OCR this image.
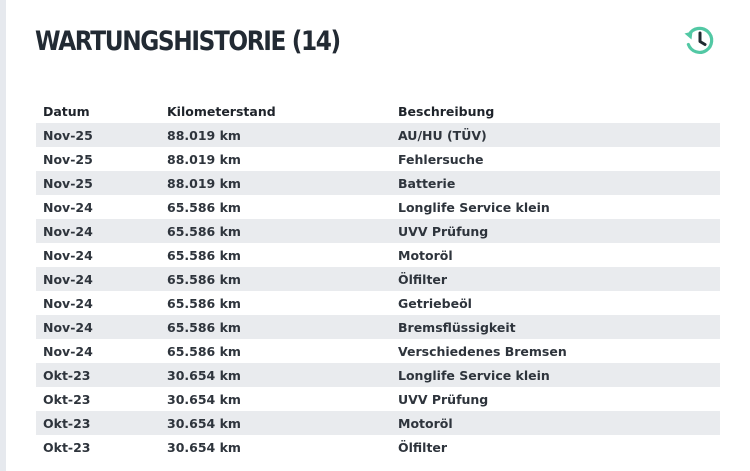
WARTUNGSHISTORIE (14)
Datum	Kilometerstand	Beschreibung
Nov-25	88.019 km	AU/HU (TÜV)
Nov-25	88.019 km	Fehlersuche
Nov-25	88.019 km	Batterie
Nov-24	65.586 km	Longlife Service klein
Nov-24	65.586 km	UVV Prüfung
Nov-24	65.586 km	Motoröl
Nov-24	65.586 km	Ölfilter
Nov-24	65.586 km	Getriebeöl
Nov-24	65.586 km	Bremsflüssigkeit
Nov-24	65.586 km	Verschiedenes Bremsen
Okt-23	30.654 km	Longlife Service klein
Okt-23	30.654 km	UVV Prüfung
Okt-23	30.654 km	Motoröl
Okt-23	30.654 km	Ölfilter
